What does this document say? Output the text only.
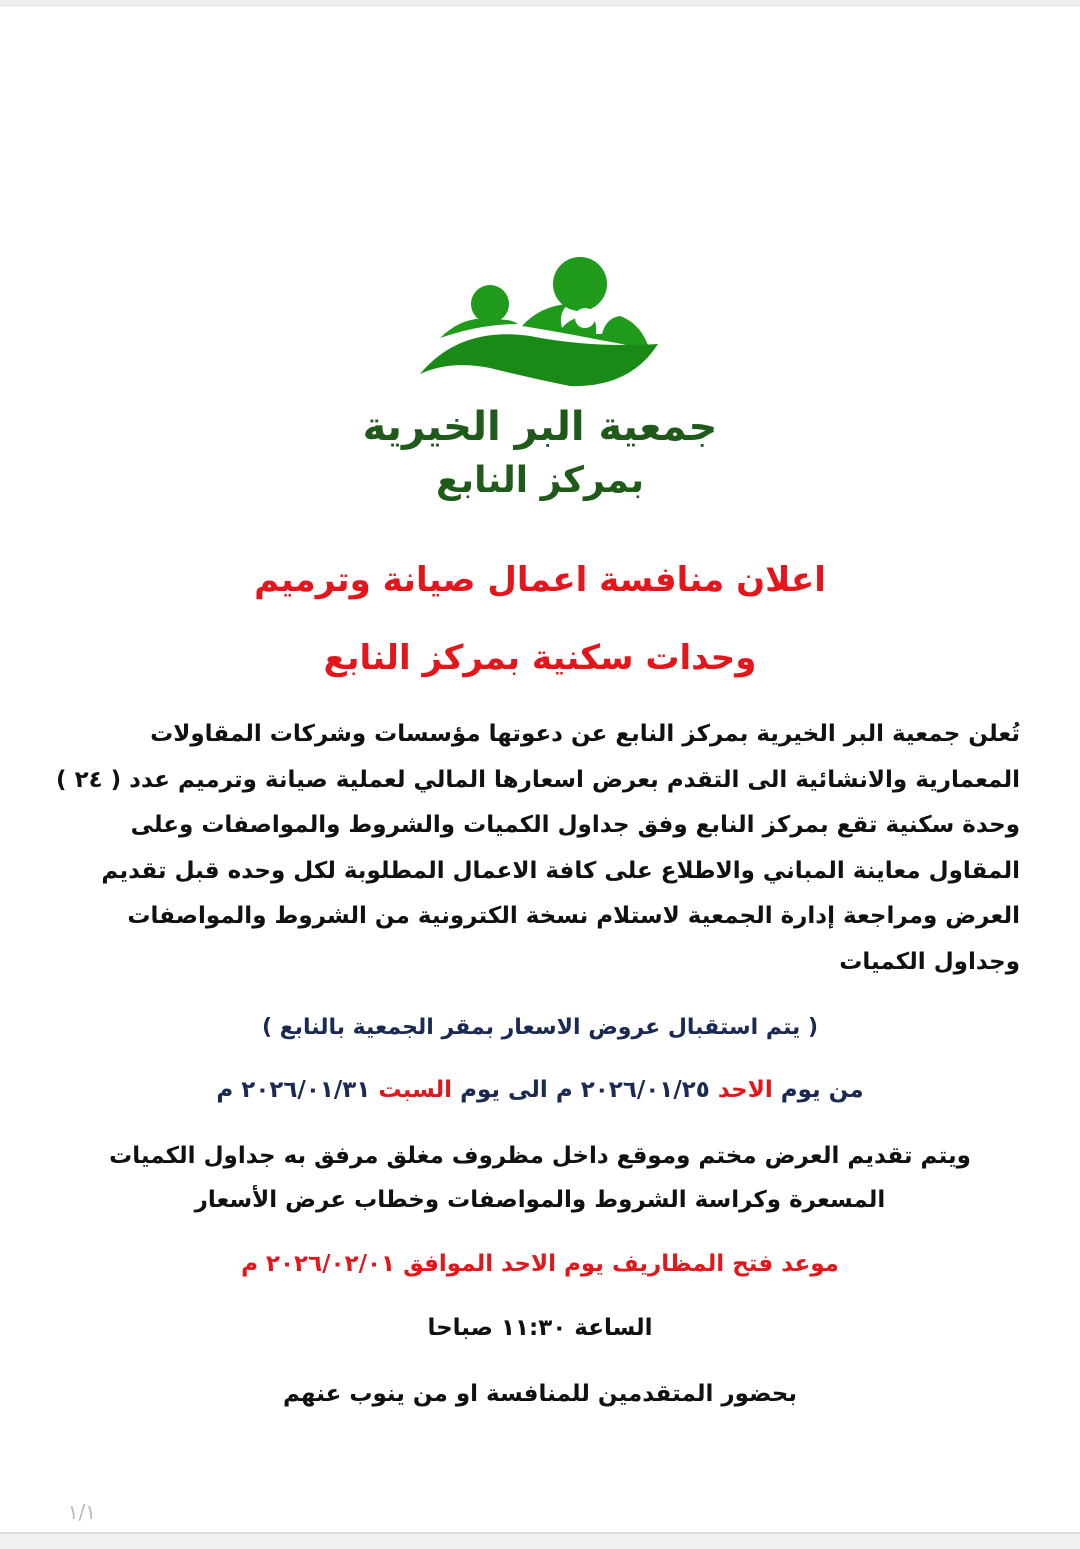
جمعية البر الخيرية
بمركز النابع
اعلان منافسة اعمال صيانة وترميم
وحدات سكنية بمركز النابع
تُعلن جمعية البر الخيرية بمركز النابع عن دعوتها مؤسسات وشركات المقاولات
المعمارية والانشائية الى التقدم بعرض اسعارها المالي لعملية صيانة وترميم عدد ( ٢٤ )
وحدة سكنية تقع بمركز النابع وفق جداول الكميات والشروط والمواصفات وعلى
المقاول معاينة المباني والاطلاع على كافة الاعمال المطلوبة لكل وحده قبل تقديم
العرض ومراجعة إدارة الجمعية لاستلام نسخة الكترونية من الشروط والمواصفات
وجداول الكميات
( يتم استقبال عروض الاسعار بمقر الجمعية بالنابع )
من يوم الاحد ٢٠٢٦/٠١/٢٥ م الى يوم السبت ٢٠٢٦/٠١/٣١ م
ويتم تقديم العرض مختم وموقع داخل مظروف مغلق مرفق به جداول الكميات
المسعرة وكراسة الشروط والمواصفات وخطاب عرض الأسعار
موعد فتح المظاريف يوم الاحد الموافق ٢٠٢٦/٠٢/٠١ م
الساعة ١١:٣٠ صباحا
بحضور المتقدمين للمنافسة او من ينوب عنهم
١/١
